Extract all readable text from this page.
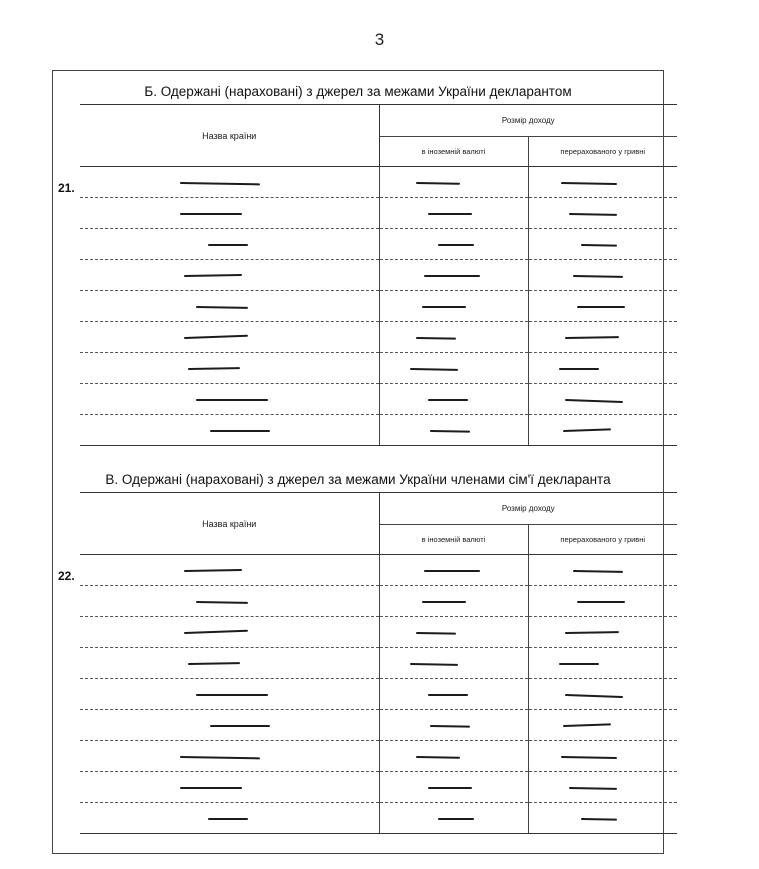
3
Б. Одержані (нараховані) з джерел за межами України декларантом
21.
Назва країни	Розмір доходу	
	в іноземній валюті	перерахованого у гривні

В. Одержані (нараховані) з джерел за межами України членами сім'ї декларанта
22.
Назва країни	Розмір доходу	
	в іноземній валюті	перерахованого у гривні
